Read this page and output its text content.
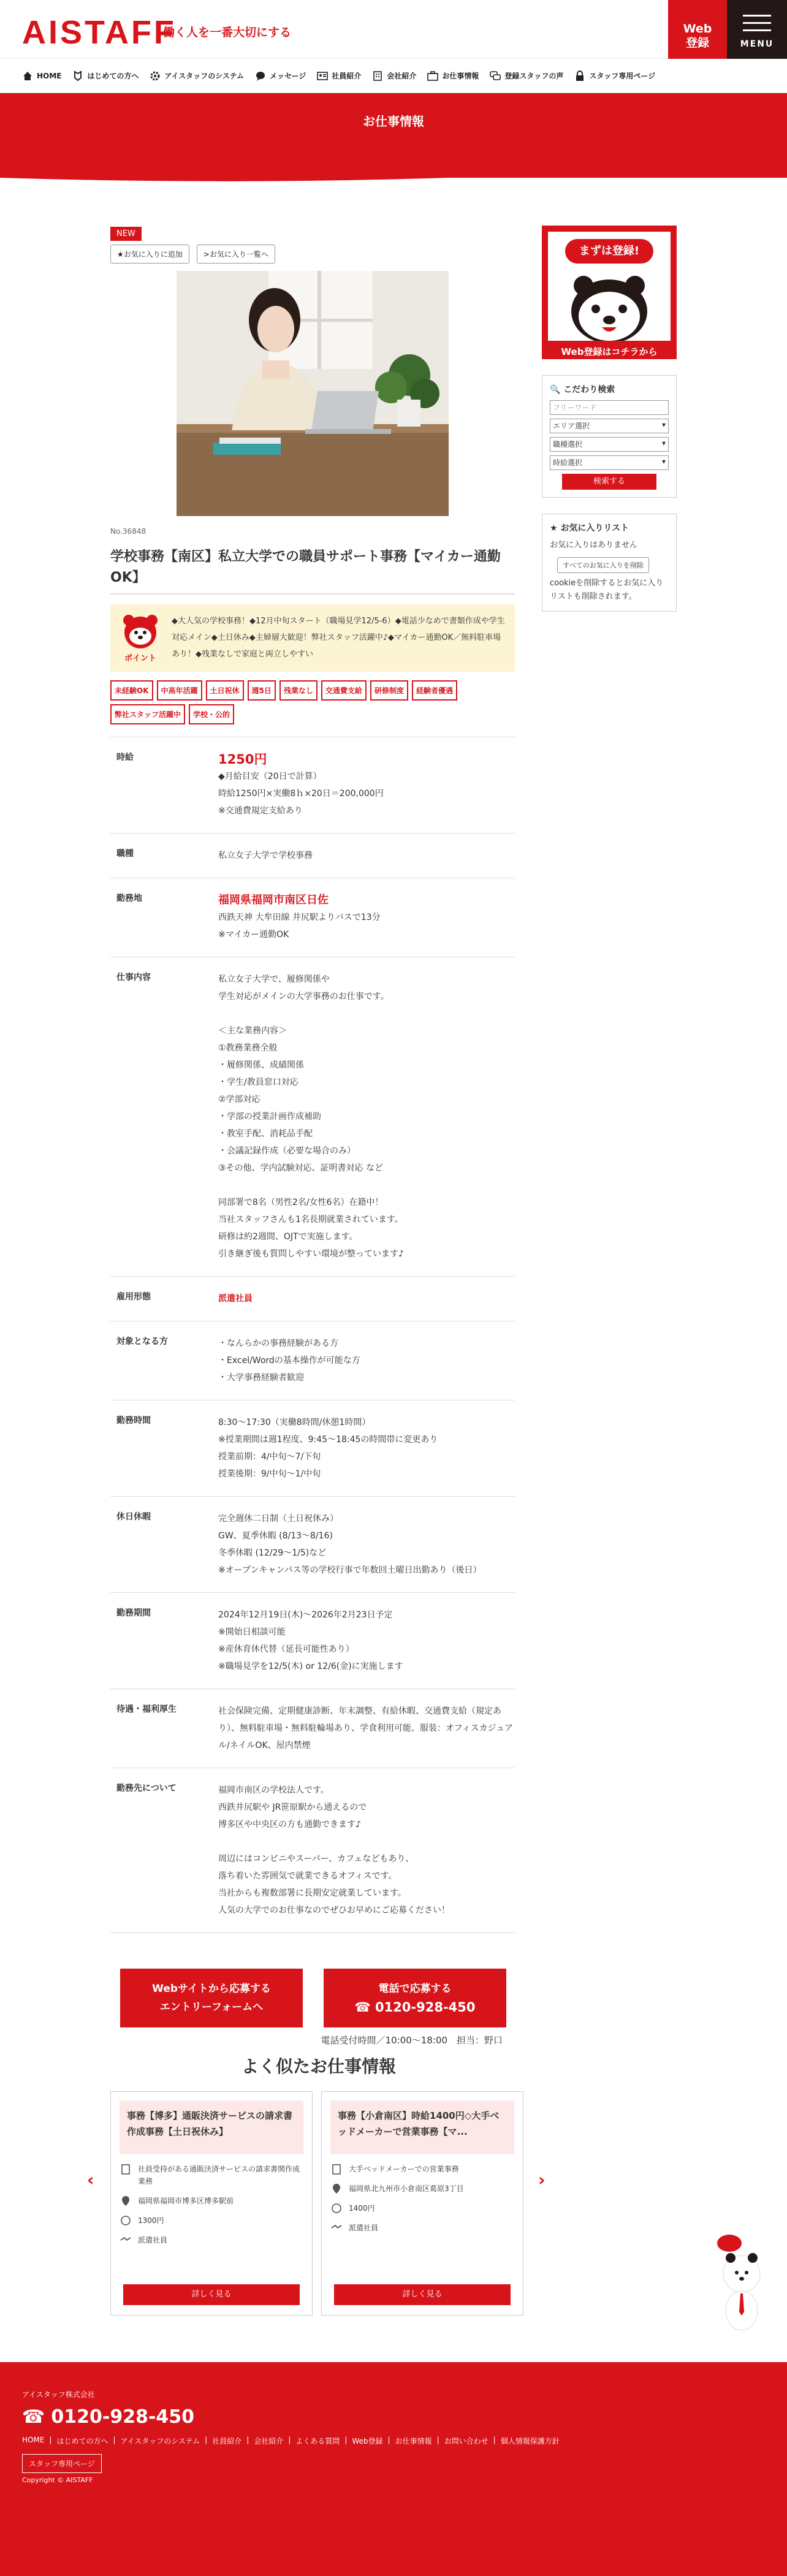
AISTAFF
働く人を一番大切にする	Web
登録	MENU
HOME	はじめての方へ	アイスタッフのシステム	メッセージ	社員紹介	会社紹介	お仕事情報	登録スタッフの声	スタッフ専用ページ
お仕事情報
NEW
★お気に入りに追加	>お気に入り一覧へ
No.36848
学校事務【南区】私立大学での職員サポート事務【マイカー通勤OK】
ポイント
◆大人気の学校事務！◆12月中旬スタート（職場見学12/5-6）◆電話少なめで書類作成や学生対応メイン◆土日休み◆主婦層大歓迎！弊社スタッフ活躍中♪◆マイカー通勤OK／無料駐車場あり！◆残業なしで家庭と両立しやすい
未経験OK	中高年活躍	土日祝休	週5日	残業なし	交通費支給	研修制度	経験者優遇
弊社スタッフ活躍中	学校・公的
時給	1250円
◆月給目安（20日で計算）
時給1250円×実働8ｈ×20日＝200,000円
※交通費規定支給あり
職種	私立女子大学で学校事務
勤務地	福岡県福岡市南区日佐
西鉄天神 大牟田線 井尻駅よりバスで13分
※マイカー通勤OK
仕事内容	私立女子大学で、履修関係や
学生対応がメインの大学事務のお仕事です。

＜主な業務内容＞
①教務業務全般
・履修関係、成績関係
・学生/教員窓口対応
②学部対応
・学部の授業計画作成補助
・教室手配、消耗品手配
・会議記録作成（必要な場合のみ）
③その他、学内試験対応、証明書対応 など

同部署で8名（男性2名/女性6名）在籍中！
当社スタッフさんも1名長期就業されています。
研修は約2週間、OJTで実施します。
引き継ぎ後も質問しやすい環境が整っています♪
雇用形態	派遣社員
対象となる方	・なんらかの事務経験がある方
・Excel/Wordの基本操作が可能な方
・大学事務経験者歓迎
勤務時間	8:30〜17:30（実働8時間/休憩1時間）
※授業期間は週1程度、9:45〜18:45の時間帯に変更あり
授業前期：4/中旬〜7/下旬
授業後期：9/中旬〜1/中旬
休日休暇	完全週休二日制（土日祝休み）
GW、夏季休暇 (8/13〜8/16)
冬季休暇 (12/29〜1/5)など
※オープンキャンパス等の学校行事で年数回土曜日出勤あり（後日）
勤務期間	2024年12月19日(木)〜2026年2月23日予定
※開始日相談可能
※産休育休代替（延長可能性あり）
※職場見学を12/5(木) or 12/6(金)に実施します
待遇・福利厚生	社会保険完備、定期健康診断、年末調整、有給休暇、交通費支給（規定あり）、無料駐車場・無料駐輪場あり、学食利用可能、服装：オフィスカジュアル/ネイルOK、屋内禁煙
勤務先について	福岡市南区の学校法人です。
西鉄井尻駅や JR笹原駅から通えるので
博多区や中央区の方も通勤できます♪

周辺にはコンビニやスーパー、カフェなどもあり、
落ち着いた雰囲気で就業できるオフィスです。
当社からも複数部署に長期安定就業しています。
人気の大学でのお仕事なのでぜひお早めにご応募ください！
Webサイトから応募する
エントリーフォームへ
電話で応募する
☎ 0120-928-450
電話受付時間／10:00〜18:00　担当：野口
よく似たお仕事情報
‹	›
事務【博多】通販決済サービスの請求書作成事務【土日祝休み】
社員受持がある通販決済サービスの請求書関作成業務
福岡県福岡市博多区博多駅前
1300円
派遣社員
詳しく見る
事務【小倉南区】時給1400円◇大手ベッドメーカーで営業事務【マ...
大手ベッドメーカーでの営業事務
福岡県北九州市小倉南区葛原3丁目
1400円
派遣社員
詳しく見る
まずは登録!
Web登録はコチラから
🔍 こだわり検索
フリーワード
エリア選択	▾
職種選択	▾
時給選択	▾
検索する
★ お気に入りリスト

お気に入りはありません

すべてのお気に入りを削除

cookieを削除するとお気に入りリストも削除されます。

アイスタッフ株式会社
☎ 0120-928-450
HOME | はじめての方へ | アイスタッフのシステム | 社員紹介 | 会社紹介 | よくある質問 | Web登録 | お仕事情報 | お問い合わせ | 個人情報保護方針
スタッフ専用ページ
Copyright © AISTAFF
